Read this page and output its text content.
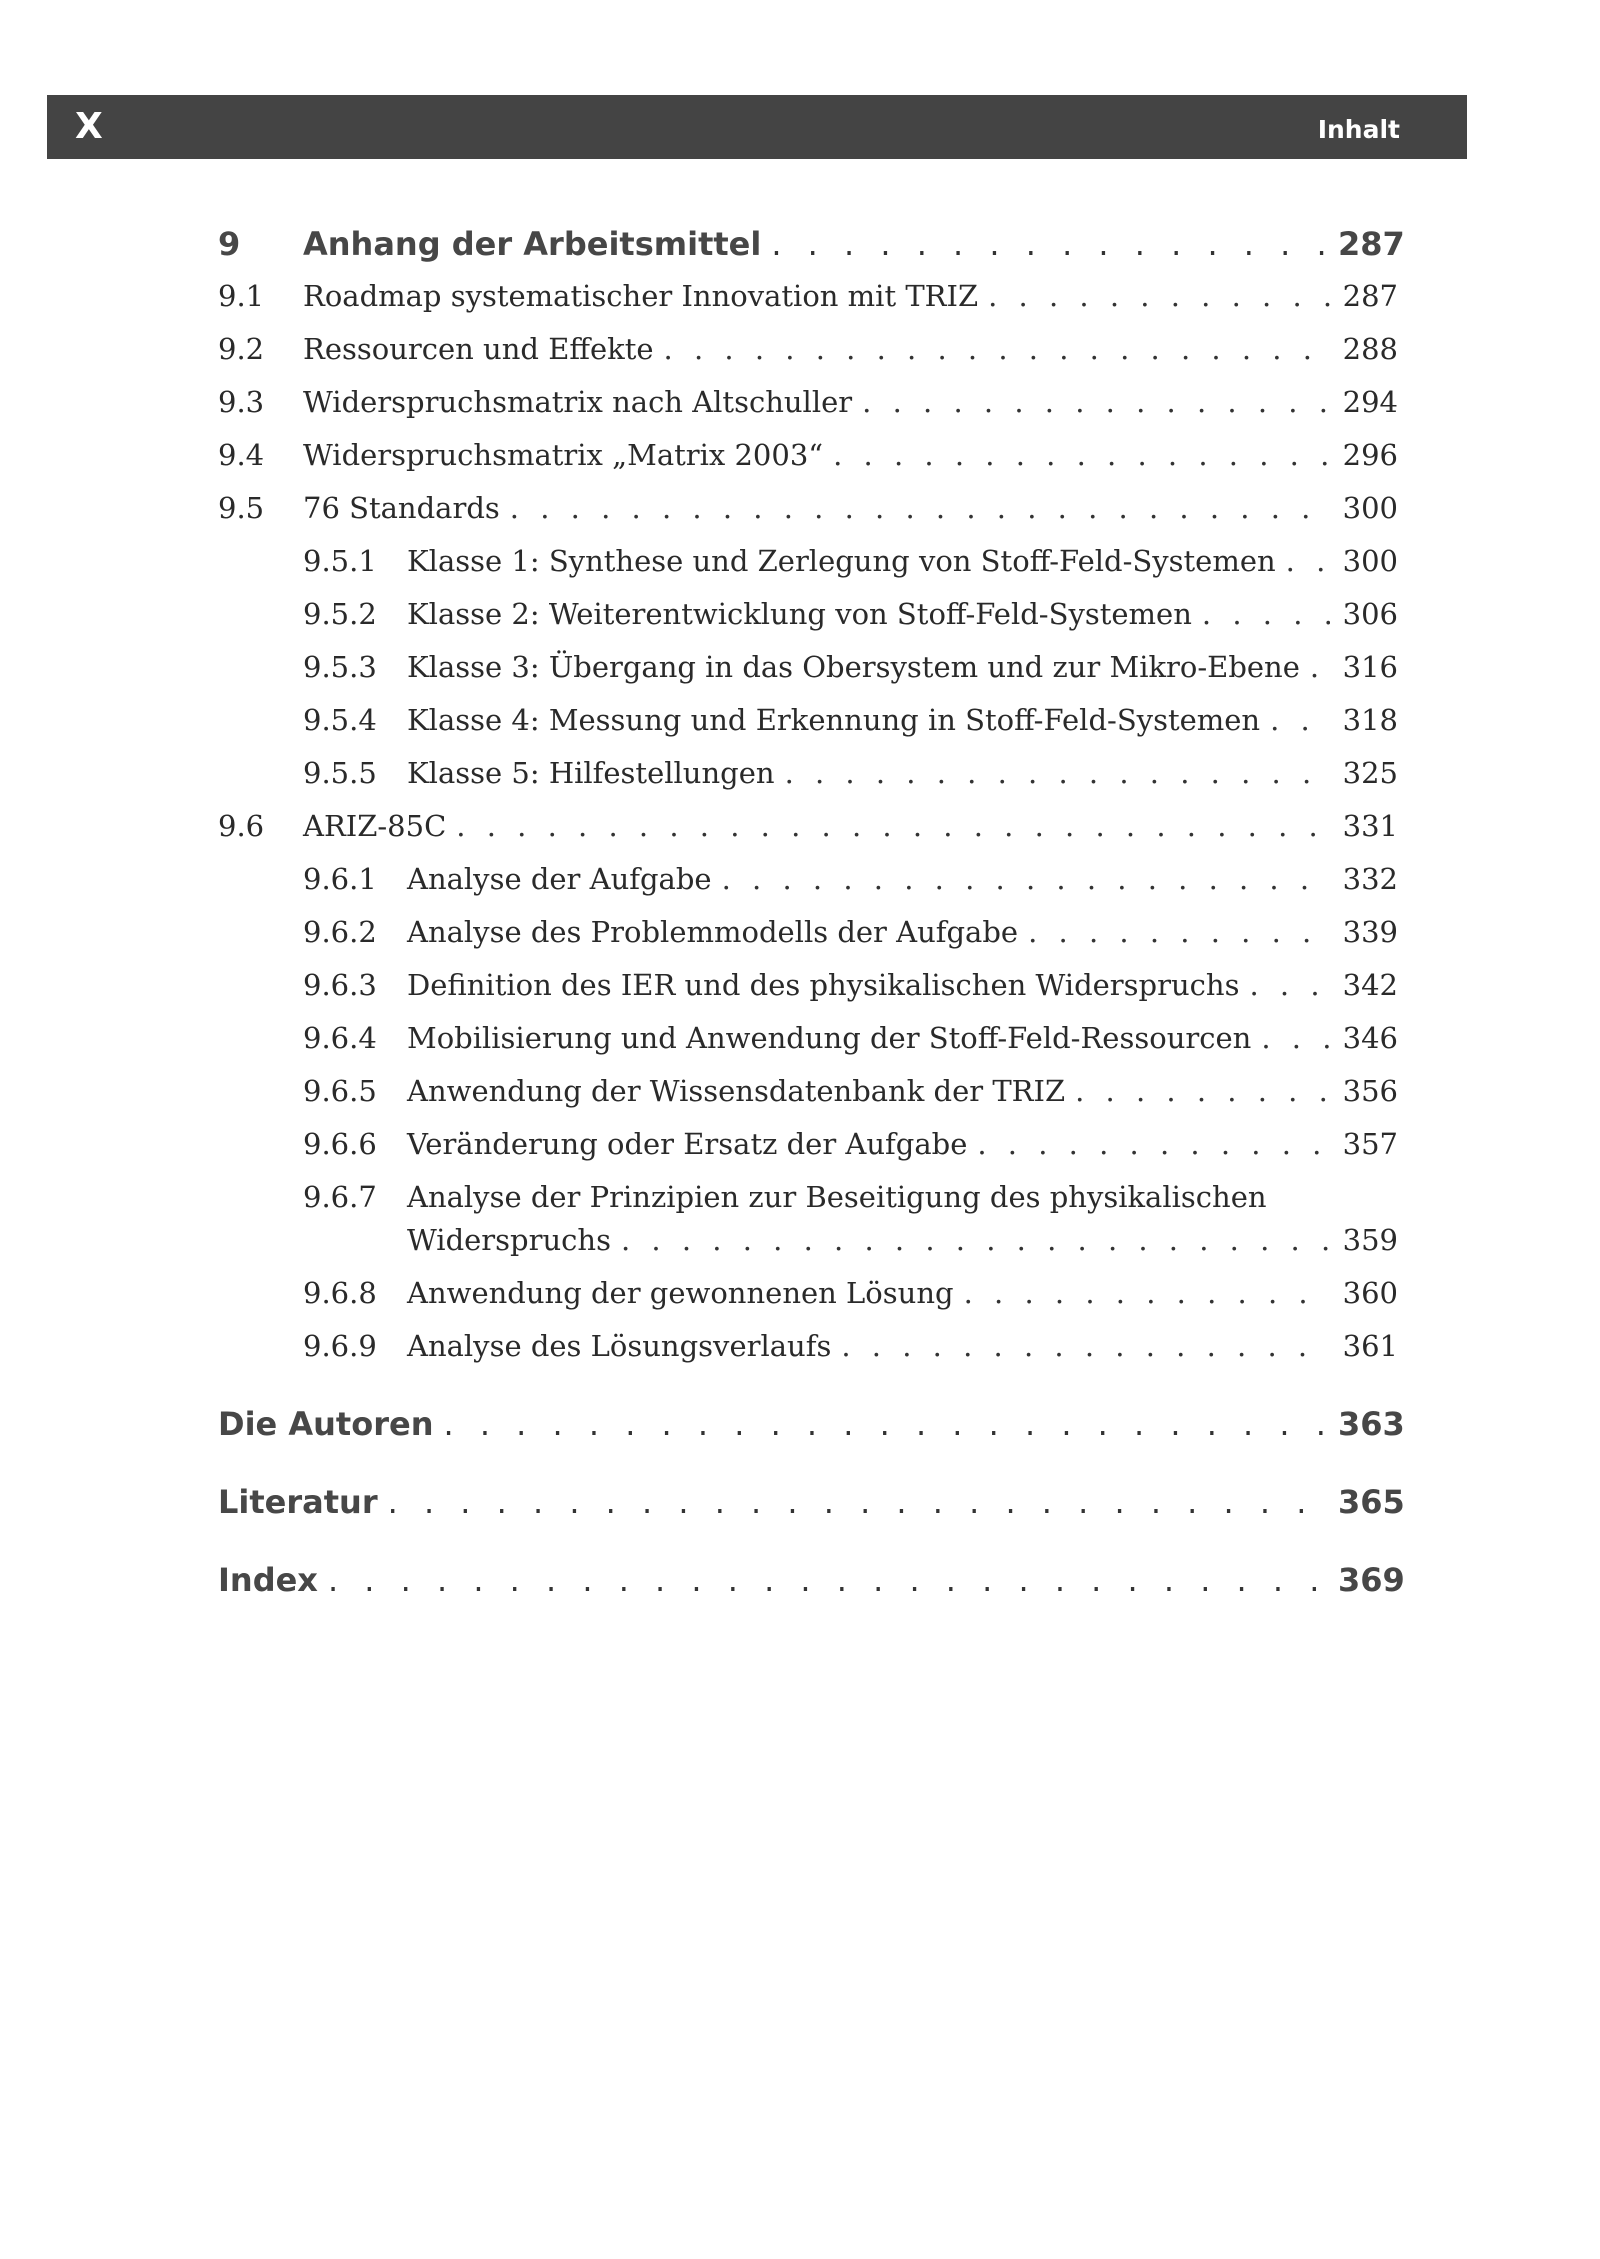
X	Inhalt
9 Anhang der Arbeitsmittel . . .	287
9.1 Roadmap systematischer Innovation mit TRIZ . . .	287
9.2 Ressourcen und Effekte . . .	288
9.3 Widerspruchsmatrix nach Altschuller . . .	294
9.4 Widerspruchsmatrix „Matrix 2003“ . . .	296
9.5 76 Standards . . .	300
9.5.1 Klasse 1: Synthese und Zerlegung von Stoff-Feld-Systemen . . . 300
9.5.2 Klasse 2: Weiterentwicklung von Stoff-Feld-Systemen . . .	306
9.5.3 Klasse 3: Übergang in das Obersystem und zur Mikro-Ebene . . . 316
9.5.4 Klasse 4: Messung und Erkennung in Stoff-Feld-Systemen . . .	318
9.5.5 Klasse 5: Hilfestellungen . . .	325
9.6 ARIZ-85C . . .	331
9.6.1 Analyse der Aufgabe . . .	332
9.6.2 Analyse des Problemmodells der Aufgabe . . .	339
9.6.3 Definition des IER und des physikalischen Widerspruchs . . .	342
9.6.4 Mobilisierung und Anwendung der Stoff-Feld-Ressourcen . . .	346
9.6.5 Anwendung der Wissensdatenbank der TRIZ . . .	356
9.6.6 Veränderung oder Ersatz der Aufgabe . . .	357
9.6.7 Analyse der Prinzipien zur Beseitigung des physikalischen
Widerspruchs . . .	359
9.6.8 Anwendung der gewonnenen Lösung . . .	360
9.6.9 Analyse des Lösungsverlaufs . . .	361
Die Autoren . . .	363
Literatur . . .	365
Index . . .	369
